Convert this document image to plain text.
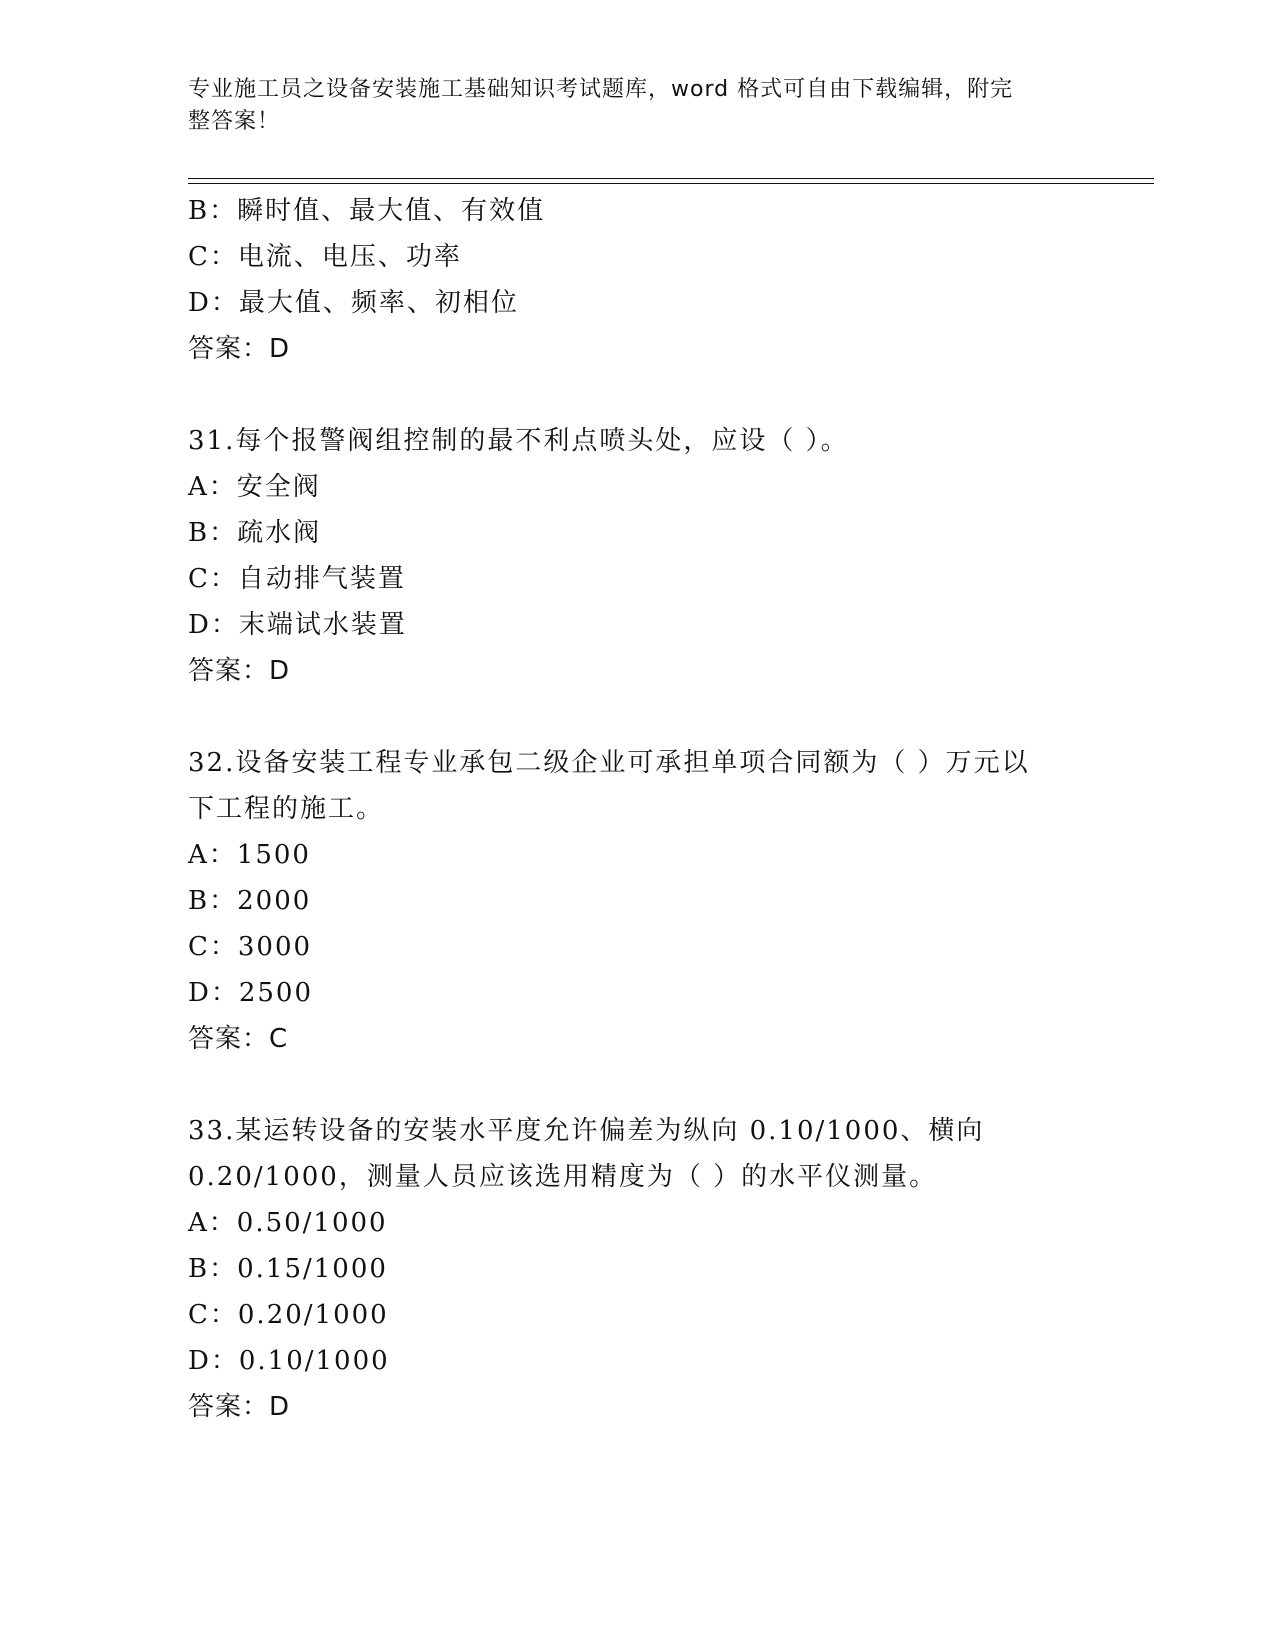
专业施工员之设备安装施工基础知识考试题库，word 格式可自由下载编辑，附完
整答案！
B：瞬时值、最大值、有效值
C：电流、电压、功率
D：最大值、频率、初相位
答案：D
31.每个报警阀组控制的最不利点喷头处，应设（ ）。
A：安全阀
B：疏水阀
C：自动排气装置
D：末端试水装置
答案：D
32.设备安装工程专业承包二级企业可承担单项合同额为（ ）万元以
下工程的施工。
A：1500
B：2000
C：3000
D：2500
答案：C
33.某运转设备的安装水平度允许偏差为纵向 0.10/1000、横向
0.20/1000，测量人员应该选用精度为（ ）的水平仪测量。
A：0.50/1000
B：0.15/1000
C：0.20/1000
D：0.10/1000
答案：D
